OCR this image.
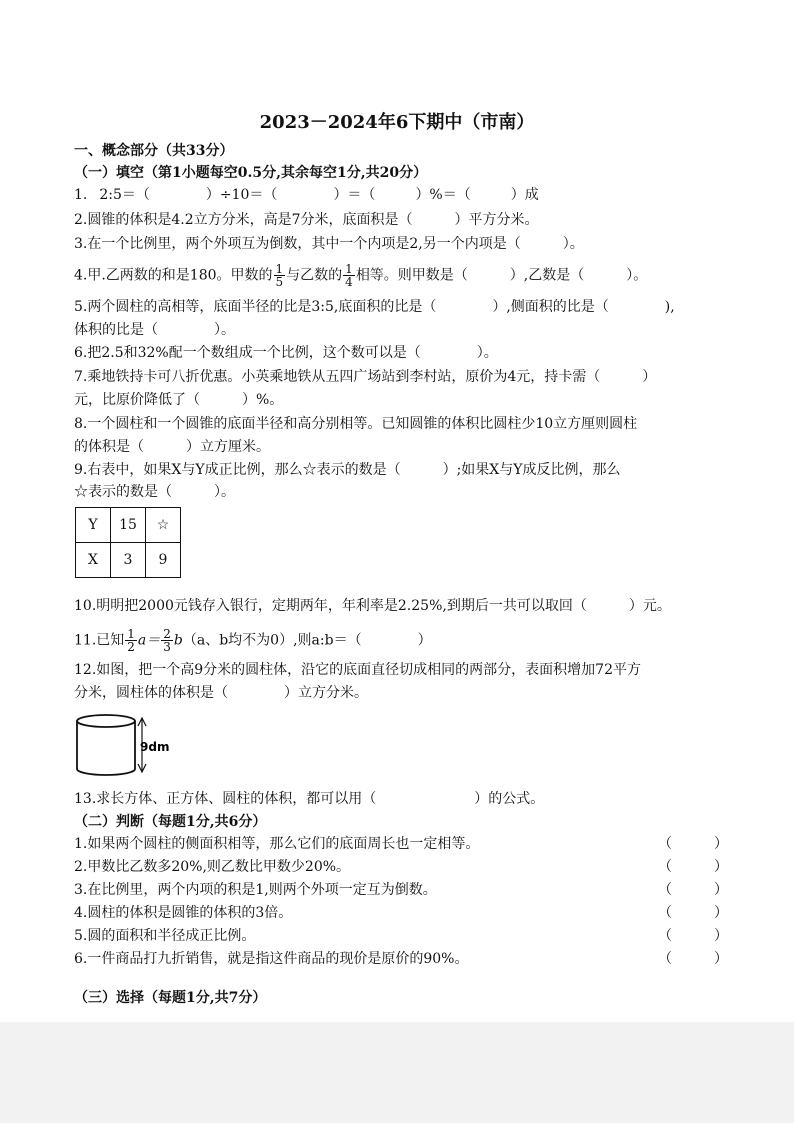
2023－2024年6下期中（市南）
一、概念部分（共33分）
（一）填空（第1小题每空0.5分,其余每空1分,共20分）
1. 2:5＝（	）÷10＝（	）＝（	）%＝（	）成
2.圆锥的体积是4.2立方分米，高是7分米，底面积是（　　　）平方分米。
3.在一个比例里，两个外项互为倒数，其中一个内项是2,另一个内项是（　　　）。
4.甲.乙两数的和是180。甲数的 $\frac{1}{5}$ 与乙数的 $\frac{1}{4}$ 相等。则甲数是（　　　）,乙数是（　　　）。
5.两个圆柱的高相等，底面半径的比是3:5,底面积的比是（　　　　）,侧面积的比是（　　　　),
体积的比是（　　　　）。
6.把2.5和32%配一个数组成一个比例，这个数可以是（　　　　）。
7.乘地铁持卡可八折优惠。小英乘地铁从五四广场站到李村站，原价为4元，持卡需（　　　）
元，比原价降低了（　　　）%。
8.一个圆柱和一个圆锥的底面半径和高分别相等。已知圆锥的体积比圆柱少10立方厘则圆柱
的体积是（　　　）立方厘米。
9.右表中，如果X与Y成正比例，那么☆表示的数是（　　　）;如果X与Y成反比例，那么
☆表示的数是（　　　）。
Y	15	☆
X	3	9
10.明明把2000元钱存入银行，定期两年，年利率是2.25%,到期后一共可以取回（　　　）元。
11.已知 $\frac{1}{2} a= \frac{2}{3} b(a$、b均不为0）,则a:b＝（　　　　）
12.如图，把一个高9分米的圆柱体，沿它的底面直径切成相同的两部分，表面积增加72平方
分米，圆柱体的体积是（　　　　）立方分米。
9dm
13.求长方体、正方体、圆柱的体积，都可以用（　　　　　　　）的公式。
（二）判断（每题1分,共6分）
1.如果两个圆柱的侧面积相等，那么它们的底面周长也一定相等。	（	）
2.甲数比乙数多20%,则乙数比甲数少20%。	（	）
3.在比例里，两个内项的积是1,则两个外项一定互为倒数。	（	）
4.圆柱的体积是圆锥的体积的3倍。	（	）
5.圆的面积和半径成正比例。	（	）
6.一件商品打九折销售，就是指这件商品的现价是原价的90%。	（	）
（三）选择（每题1分,共7分）
